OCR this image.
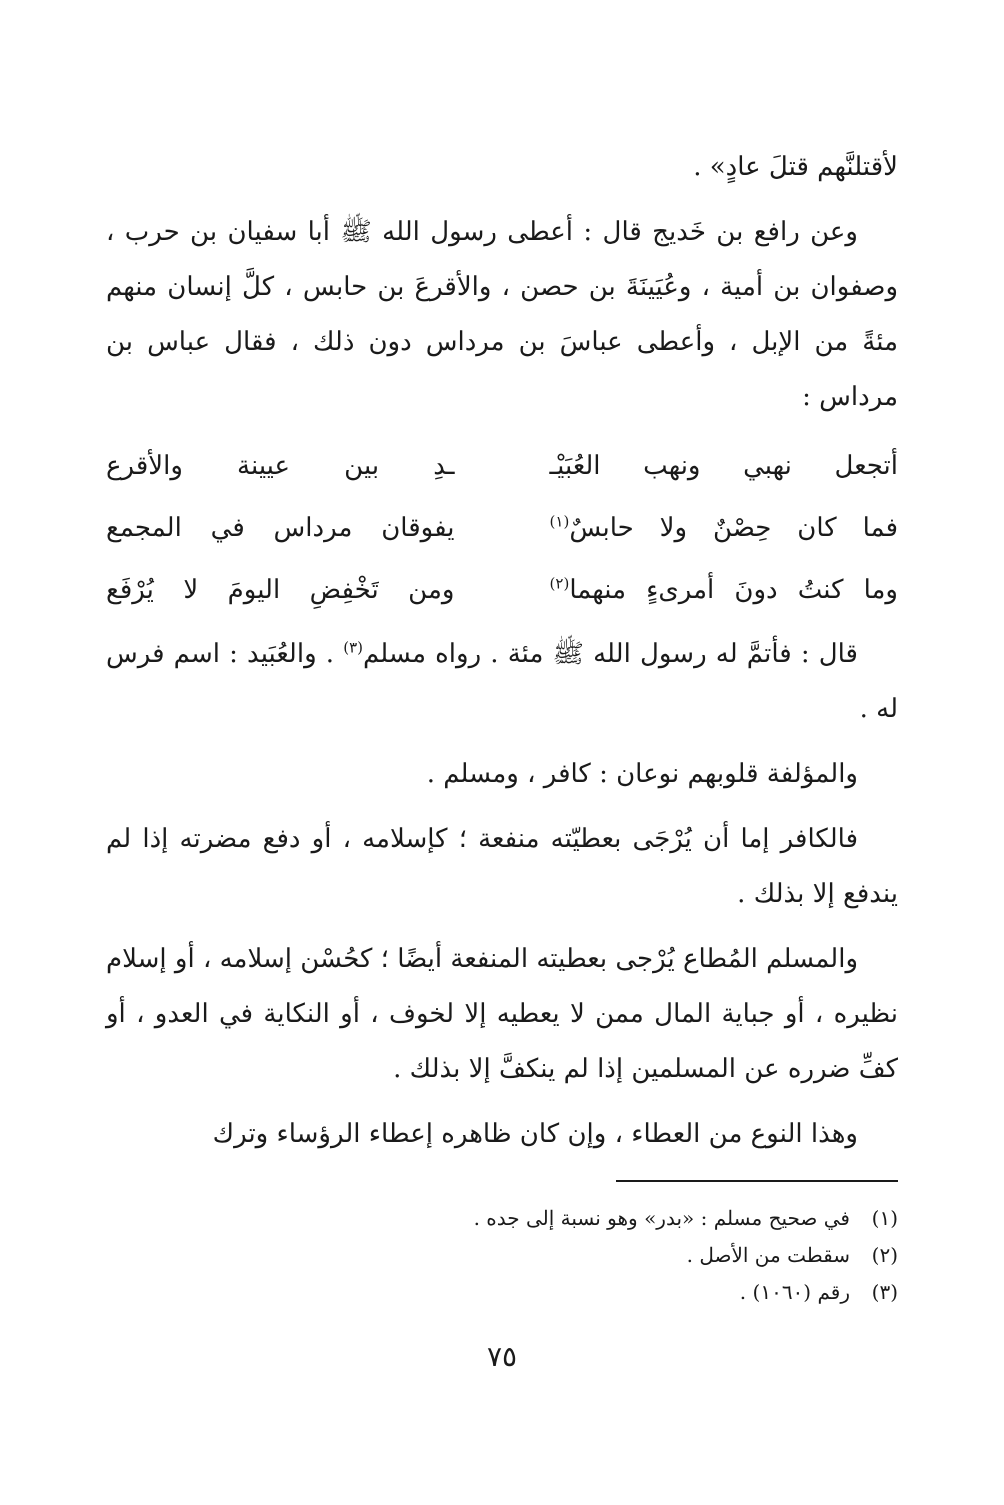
لأقتلنَّهم قتلَ عادٍ» .

وعن رافع بن خَديج قال : أعطى رسول الله ﷺ أبا سفيان بن حرب ، وصفوان بن أمية ، وعُيَينَةَ بن حصن ، والأقرعَ بن حابس ، كلَّ إنسان منهم مئةً من الإبل ، وأعطى عباسَ بن مرداس دون ذلك ، فقال عباس بن مرداس :

أتجعل نهبي ونهب العُبَيْـ
ـدِ بين عيينة والأقرع
فما كان حِصْنٌ ولا حابسٌ$^{(١)}$
يفوقان مرداس في المجمع
وما كنتُ دونَ أمرىءٍ منهما$^{(٢)}$
ومن تَخْفِضِ اليومَ لا يُرْفَع

قال : فأتمَّ له رسول الله ﷺ مئة . رواه مسلم$^{(٣)}$ . والعُبَيد : اسم فرس له .

والمؤلفة قلوبهم نوعان : كافر ، ومسلم .

فالكافر إما أن يُرْجَى بعطيّته منفعة ؛ كإسلامه ، أو دفع مضرته إذا لم يندفع إلا بذلك .

والمسلم المُطاع يُرْجى بعطيته المنفعة أيضًا ؛ كحُسْن إسلامه ، أو إسلام نظيره ، أو جباية المال ممن لا يعطيه إلا لخوف ، أو النكاية في العدو ، أو كفِّ ضرره عن المسلمين إذا لم ينكفَّ إلا بذلك .

وهذا النوع من العطاء ، وإن كان ظاهره إعطاء الرؤساء وترك

(١)
في صحيح مسلم : «بدر» وهو نسبة إلى جده .
(٢)
سقطت من الأصل .
(٣)
رقم (١٠٦٠) .
٧٥
